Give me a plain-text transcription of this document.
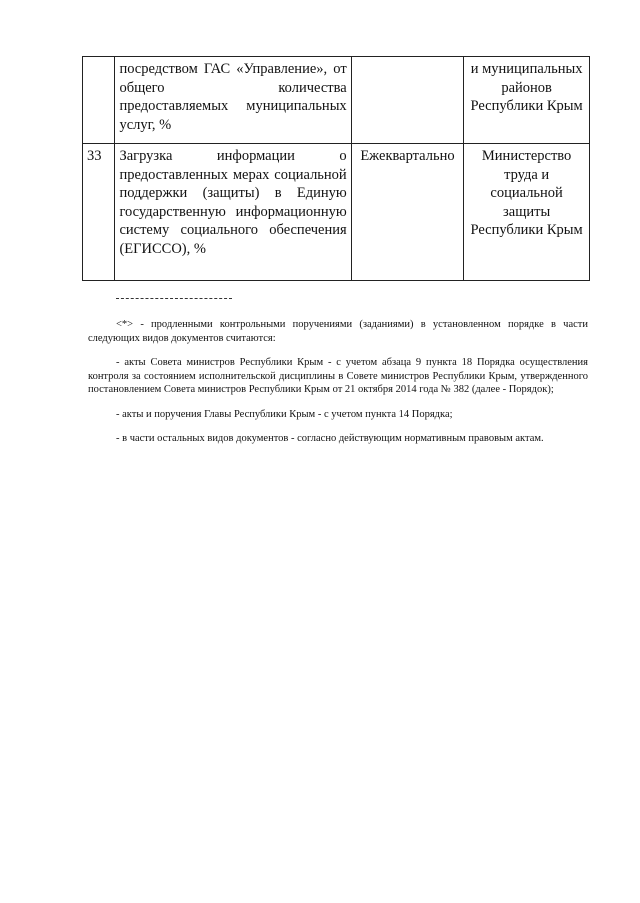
	посредством ГАС «Управление», от общего количества предоставляемых муниципальных услуг, %		и муниципальных районов Республики Крым
33	Загрузка информации о предоставленных мерах социальной поддержки (защиты) в Единую государственную информационную систему социального обеспечения (ЕГИССО), %	Ежеквартально	Министерство труда и социальной защиты Республики Крым

<*> - продленными контрольными поручениями (заданиями) в установленном порядке в части следующих видов документов считаются:

- акты Совета министров Республики Крым - с учетом абзаца 9 пункта 18 Порядка осуществления контроля за состоянием исполнительской дисциплины в Совете министров Республики Крым, утвержденного постановлением Совета министров Республики Крым от 21 октября 2014 года № 382 (далее - Порядок);

- акты и поручения Главы Республики Крым - с учетом пункта 14 Порядка;

- в части остальных видов документов - согласно действующим нормативным правовым актам.
